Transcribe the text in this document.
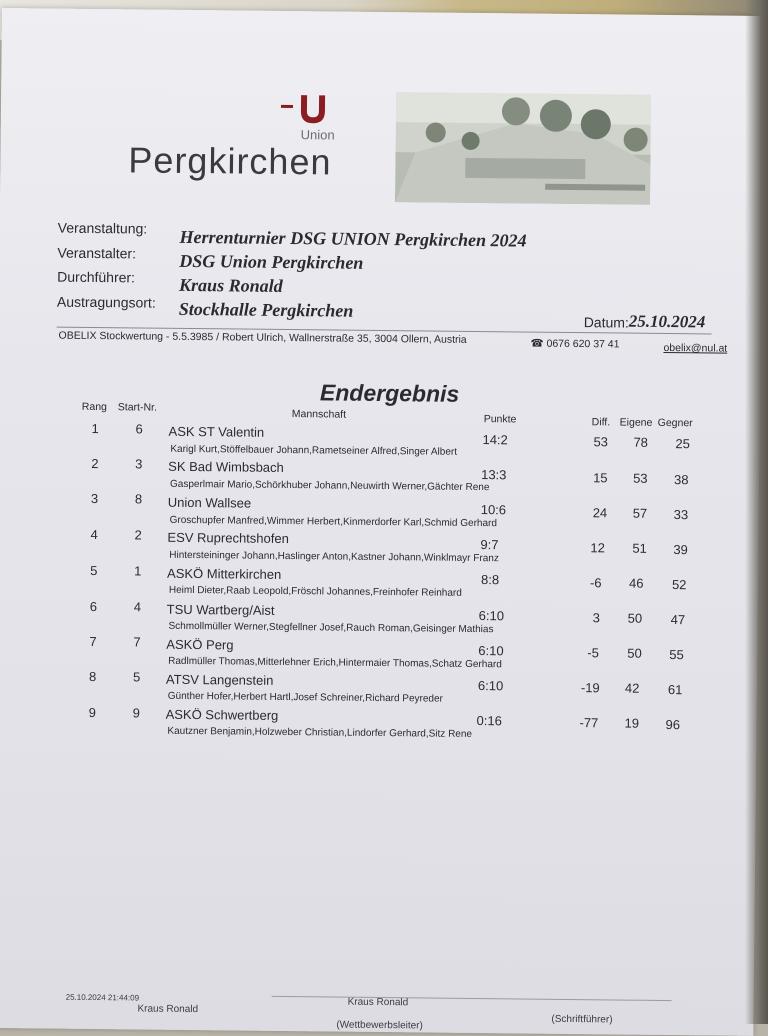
Union
Pergkirchen
Veranstaltung: Herrenturnier DSG UNION Pergkirchen 2024
Veranstalter: DSG Union Pergkirchen
Durchführer: Kraus Ronald
Austragungsort: Stockhalle Pergkirchen
Datum: 25.10.2024
OBELIX Stockwertung - 5.5.3985 / Robert Ulrich, Wallnerstraße 35, 3004 Ollern, Austria	☎ 0676 620 37 41	obelix@nul.at
Endergebnis
Rang Start-Nr.
Mannschaft	Punkte	Diff. Eigene Gegner
1	6 ASK ST Valentin	14:2	53 78 25
Karigl Kurt,Stöffelbauer Johann,Rametseiner Alfred,Singer Albert
2	3 SK Bad Wimbsbach	13:3	15 53 38
Gasperlmair Mario,Schörkhuber Johann,Neuwirth Werner,Gächter Rene
3	8 Union Wallsee	10:6	24 57 33
Groschupfer Manfred,Wimmer Herbert,Kinmerdorfer Karl,Schmid Gerhard
4	2 ESV Ruprechtshofen	9:7	12 51 39
Hintersteininger Johann,Haslinger Anton,Kastner Johann,Winklmayr Franz
5	1 ASKÖ Mitterkirchen	8:8	-6 46 52
Heiml Dieter,Raab Leopold,Fröschl Johannes,Freinhofer Reinhard
6	4 TSU Wartberg/Aist	6:10	3 50 47
Schmollmüller Werner,Stegfellner Josef,Rauch Roman,Geisinger Mathias
7	7 ASKÖ Perg	6:10	-5 50 55
Radlmüller Thomas,Mitterlehner Erich,Hintermaier Thomas,Schatz Gerhard
8	5 ATSV Langenstein	6:10	-19 42 61
Günther Hofer,Herbert Hartl,Josef Schreiner,Richard Peyreder
9	9 ASKÖ Schwertberg	0:16	-77 19 96
Kautzner Benjamin,Holzweber Christian,Lindorfer Gerhard,Sitz Rene
25.10.2024 21:44:09	Kraus Ronald
Kraus Ronald
(Schriftführer)
(Wettbewerbsleiter)
